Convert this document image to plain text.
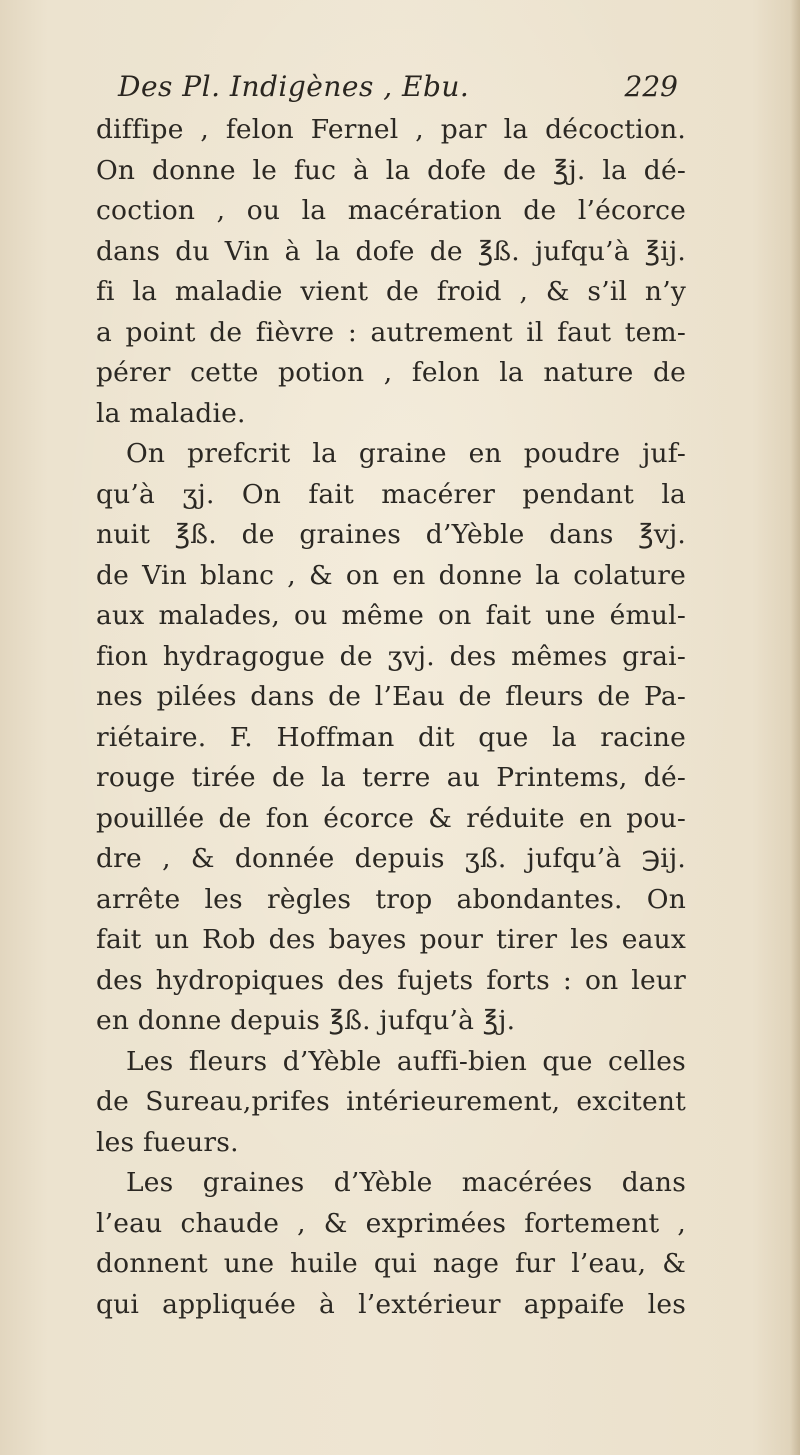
Des Pl. Indigènes , Ebu.	229
diffipe , felon Fernel , par la décoction.
On donne le fuc à la dofe de ℥j. la dé-
coction , ou la macération de l’écorce
dans du Vin à la dofe de ℥ß. jufqu’à ℥ij.
fi la maladie vient de froid , & s’il n’y
a point de fièvre : autrement il faut tem-
pérer cette potion , felon la nature de
la maladie.
On prefcrit la graine en poudre juf-
qu’à ʒj. On fait macérer pendant la
nuit ℥ß. de graines d’Yèble dans ℥vj.
de Vin blanc , & on en donne la colature
aux malades, ou même on fait une émul-
fion hydragogue de ʒvj. des mêmes grai-
nes pilées dans de l’Eau de fleurs de Pa-
riétaire. F. Hoffman dit que la racine
rouge tirée de la terre au Printems, dé-
pouillée de fon écorce & réduite en pou-
dre , & donnée depuis ʒß. jufqu’à ℈ij.
arrête les règles trop abondantes. On
fait un Rob des bayes pour tirer les eaux
des hydropiques des fujets forts : on leur
en donne depuis ℥ß. jufqu’à ℥j.
Les fleurs d’Yèble auffi-bien que celles
de Sureau,prifes intérieurement, excitent
les fueurs.
Les graines d’Yèble macérées dans
l’eau chaude , & exprimées fortement ,
donnent une huile qui nage fur l’eau, &
qui appliquée à l’extérieur appaife les
